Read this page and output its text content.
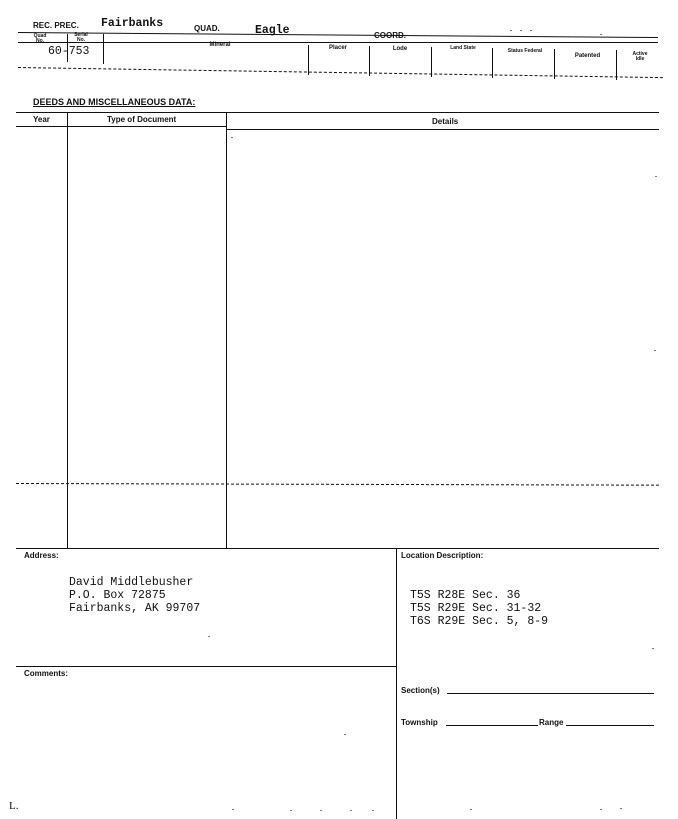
REC. PREC. Fairbanks	QUAD.	Eagle	COORD.
Quad No.
Serial No.
Mineral	Placer	Lode	Land State	Status Federal
Patented	Active Idle
60-753
DEEDS AND MISCELLANEOUS DATA:
Year	Type of Document	Details
Address:
David Middlebusher
P.O. Box 72875
Fairbanks, AK 99707
Comments:
Location Description:
T5S R28E Sec. 36
T5S R29E Sec. 31-32
T6S R29E Sec. 5, 8-9
Section(s)
Township	Range
L.
